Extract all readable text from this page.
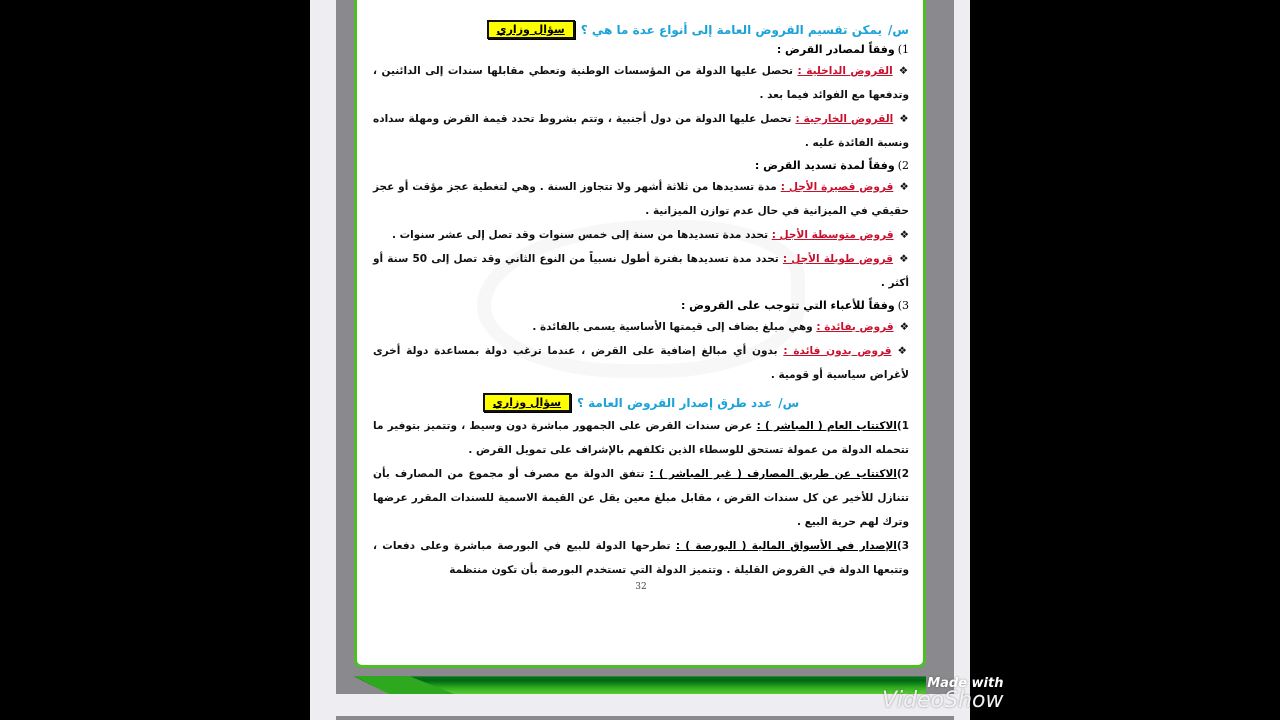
س/
يمكن تقسيم القروض العامة إلى أنواع عدة ما هي ؟
سؤال وزاري
1)وفقاً لمصادر القرض :

❖القروض الداخلية : تحصل عليها الدولة من المؤسسات الوطنية وتعطي مقابلها سندات إلى الدائنين ، وتدفعها مع الفوائد فيما بعد .

❖القروض الخارجية : تحصل عليها الدولة من دول أجنبية ، وتتم بشروط تحدد قيمة القرض ومهلة سداده ونسبة الفائدة عليه .

2)وفقاً لمدة تسديد القرض :

❖قروض قصيرة الأجل : مدة تسديدها من ثلاثة أشهر ولا تتجاوز السنة . وهي لتغطية عجز مؤقت أو عجز حقيقي في الميزانية في حال عدم توازن الميزانية .

❖قروض متوسطة الأجل : تحدد مدة تسديدها من سنة إلى خمس سنوات وقد تصل إلى عشر سنوات .

❖قروض طويلة الأجل : تحدد مدة تسديدها بفترة أطول نسبياً من النوع الثاني وقد تصل إلى 50 سنة أو أكثر .

3)وفقاً للأعباء التي تتوجب على القروض :

❖قروض بفائدة : وهي مبلغ يضاف إلى قيمتها الأساسية يسمى بالفائدة .

❖قروض بدون فائدة : بدون أي مبالغ إضافية على القرض ، عندما ترغب دولة بمساعدة دولة أخرى لأغراض سياسية أو قومية .

س/
عدد طرق إصدار القروض العامة ؟
سؤال وزاري

1)الاكتتاب العام ( المباشر ) : عرض سندات القرض على الجمهور مباشرة دون وسيط ، وتتميز بتوفير ما تتحمله الدولة من عمولة تستحق للوسطاء الذين تكلفهم بالإشراف على تمويل القرض .

2)الاكتتاب عن طريق المصارف ( غير المباشر ) : تتفق الدولة مع مصرف أو مجموع من المصارف بأن تتنازل للأخير عن كل سندات القرض ، مقابل مبلغ معين يقل عن القيمة الاسمية للسندات المقرر عرضها وترك لهم حرية البيع .

3)الإصدار في الأسواق المالية ( البورصة ) : تطرحها الدولة للبيع في البورصة مباشرة وعلى دفعات ، وتتبعها الدولة في القروض القليلة . وتتميز الدولة التي تستخدم البورصة بأن تكون منتظمة

32
Made with
VideoShow
